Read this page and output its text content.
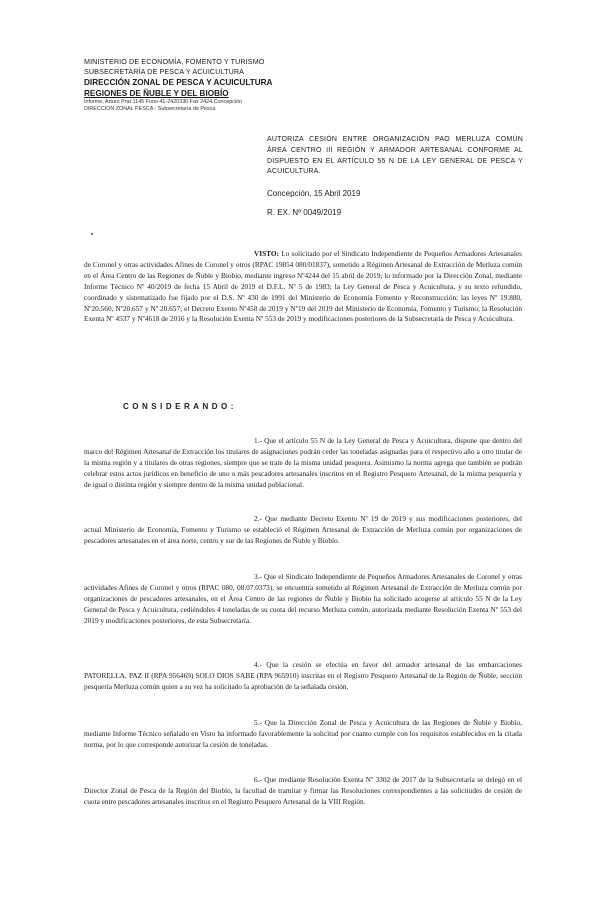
MINISTERIO DE ECONOMÍA, FOMENTO Y TURISMO
SUBSECRETARÍA DE PESCA Y ACUICULTURA
DIRECCIÓN ZONAL DE PESCA Y ACUICULTURA
REGIONES DE ÑUBLE Y DEL BIOBÍO
Informe, Arturo Prat 1145 Fono 41-2420330 Fax 2424.Concepción
DIRECCION ZONAL PESCA - Subsecretaría de Pesca
AUTORIZA CESIÓN ENTRE ORGANIZACIÓN PAO MERLUZA COMÚN ÁREA CENTRO III REGIÓN Y ARMADOR ARTESANAL CONFORME AL DISPUESTO EN EL ARTÍCULO 55 N DE LA LEY GENERAL DE PESCA Y ACUICULTURA.
Concepción, 15 Abril 2019
R. EX. Nº 0049/2019

VISTO: Lo solicitado por el Sindicato Independiente de Pequeños Armadores Artesanales de Coronel y otras actividades Afines de Coronel y otros (RPAC 19854 080/01837), sometido a Régimen Artesanal de Extracción de Merluza común en el Área Centro de las Regiones de Ñuble y Biobío, mediante ingreso Nº4244 del 15 abril de 2019; lo informado por la Dirección Zonal, mediante Informe Técnico Nº 40/2019 de fecha 15 Abril de 2019 el D.F.L. Nº 5 de 1983; la Ley General de Pesca y Acuicultura, y su texto refundido, coordinado y sistematizado fue fijado por el D.S. Nº 430 de 1991 del Ministerio de Economía Fomento y Reconstrucción; las leyes Nº 19.880, Nº20.560, Nº20.657 y Nº 20.657; el Decreto Exento Nº458 de 2019 y Nº19 del 2019 del Ministerio de Economía, Fomento y Turismo; la Resolución Exenta Nº 4537 y Nº4618 de 2016 y la Resolución Exenta Nº 553 de 2019 y modificaciones posteriores de la Subsecretaría de Pesca y Acuicultura.

CONSIDERANDO:

1.- Que el artículo 55 N de la Ley General de Pesca y Acuicultura, dispone que dentro del marco del Régimen Artesanal de Extracción los titulares de asignaciones podrán ceder las toneladas asignadas para el respectivo año a otro titular de la misma región y a titulares de otras regiones, siempre que se trate de la misma unidad pesquera. Asimismo la norma agrega que también se podrán celebrar estos actos jurídicos en beneficio de uno o más pescadores artesanales inscritos en el Registro Pesquero Artesanal, de la misma pesquería y de igual o distinta región y siempre dentro de la misma unidad poblacional.

2.- Que mediante Decreto Exento Nº 19 de 2019 y sus modificaciones posteriores, del actual Ministerio de Economía, Fomento y Turismo se estableció el Régimen Artesanal de Extracción de Merluza común por organizaciones de pescadores artesanales en el área norte, centro y sur de las Regiones de Ñuble y Biobío.

3.- Que el Sindicato Independiente de Pequeños Armadores Artesanales de Coronel y otras actividades Afines de Coronel y otros (RPAC 080, 08.07.0373), se encuentra sometido al Régimen Artesanal de Extracción de Merluza común por organizaciones de pescadores artesanales, en el Área Centro de las regiones de Ñuble y Biobío ha solicitado acogerse al artículo 55 N de la Ley General de Pesca y Acuicultura, cediéndoles 4 toneladas de su cuota del recurso Merluza común, autorizada mediante Resolución Exenta Nº 553 del 2019 y modificaciones posteriores, de esta Subsecretaría.

4.- Que la cesión se efectúa en favor del armador artesanal de las embarcaciones PATORELLA, PAZ II (RPA 956469) SOLO DIOS SABE (RPA 965910) inscritas en el Registro Pesquero Artesanal de la Región de Ñuble, sección pesquería Merluza común quien a su vez ha solicitado la aprobación de la señalada cesión.

5.- Que la Dirección Zonal de Pesca y Acuicultura de las Regiones de Ñuble y Biobío, mediante Informe Técnico señalado en Visto ha informado favorablemente la solicitud por cuanto cumple con los requisitos establecidos en la citada norma, por lo que corresponde autorizar la cesión de toneladas.

6.- Que mediante Resolución Exenta Nº 3302 de 2017 de la Subsecretaría se delegó en el Director Zonal de Pesca de la Región del Biobío, la facultad de tramitar y firmar las Resoluciones correspondientes a las solicitudes de cesión de cuota entre pescadores artesanales inscritos en el Registro Pesquero Artesanal de la VIII Región.
